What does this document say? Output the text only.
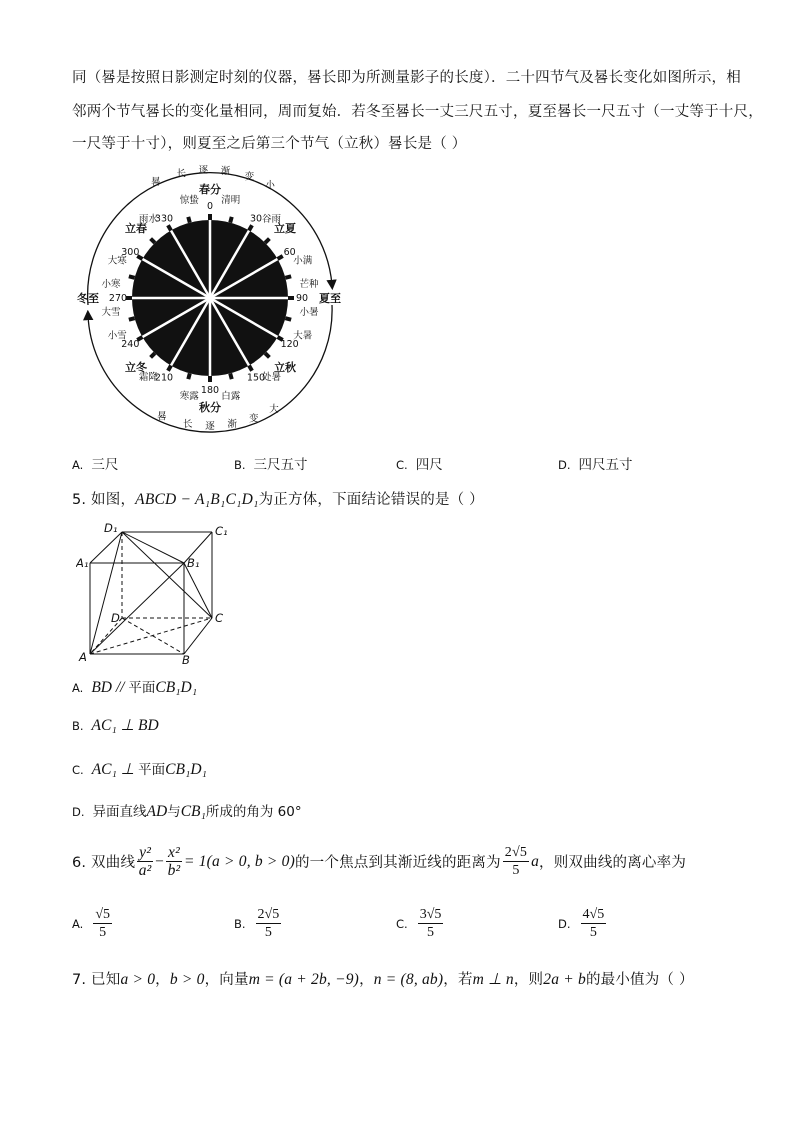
同（晷是按照日影测定时刻的仪器，晷长即为所测量影子的长度）．二十四节气及晷长变化如图所示，相
邻两个节气晷长的变化量相同，周而复始．若冬至晷长一丈三尺五寸，夏至晷长一尺五寸（一丈等于十尺，
一尺等于十寸），则夏至之后第三个节气（立秋）晷长是（ ）
0
30
60
90
120
150
180
210
240
270
300
330
清明
谷雨
小满
芒种
小暑
大暑
处暑
白露
寒露
霜降
小雪
大雪
小寒
大寒
雨水
惊蛰
晷
长 逐 渐 变
小
晷
长 逐 渐
变
大
春分
立夏
夏至
立秋
秋分
立冬
冬至
立春
A. 三尺	B. 三尺五寸	C. 四尺	D. 四尺五寸
5. 如图，ABCD − A₁B₁C₁D₁为正方体，下面结论错误的是（ ）
D₁	C₁
A₁	B₁
D	C
A	B
A. BD // 平面CB₁D₁
B. AC₁ ⊥ BD
C. AC₁ ⊥ 平面CB₁D₁
D. 异面直线AD与CB₁所成的角为 60°
6. 双曲线 $\frac{\text{y²}}{\text{a²}} - \frac{\text{x²}}{\text{b²}} = 1(a > 0$, b > 0) 的一个焦点到其渐近线的距离为 $\frac{2√5}{5}$ a ，则双曲线的离心率为
A. $\frac{√5}{5}$	B. $\frac{2√5}{5}$	C. $\frac{3√5}{5}$	D. $\frac{4√5}{5}$
7. 已知a > 0，b > 0，向量m = (a + 2b, −9)，n = (8, ab)，若m ⊥ n，则2a + b的最小值为（ ）
